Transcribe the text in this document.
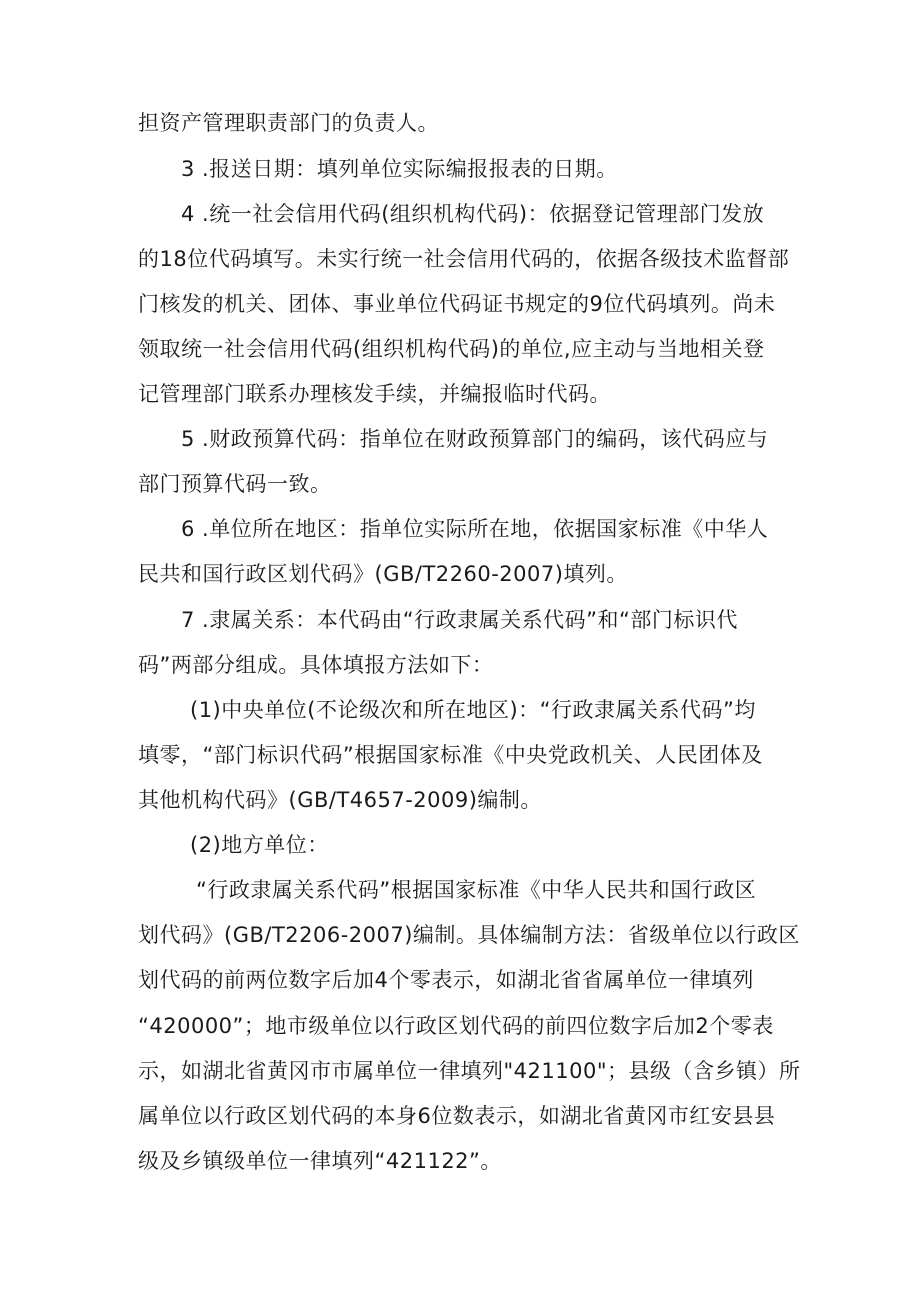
担资产管理职责部门的负责人。
3 .报送日期：填列单位实际编报报表的日期。
4 .统一社会信用代码(组织机构代码)：依据登记管理部门发放
的18位代码填写。未实行统一社会信用代码的，依据各级技术监督部
门核发的机关、团体、事业单位代码证书规定的9位代码填列。尚未
领取统一社会信用代码(组织机构代码)的单位,应主动与当地相关登
记管理部门联系办理核发手续，并编报临时代码。
5 .财政预算代码：指单位在财政预算部门的编码，该代码应与
部门预算代码一致。
6 .单位所在地区：指单位实际所在地，依据国家标准《中华人
民共和国行政区划代码》(GB/T2260-2007)填列。
7 .隶属关系：本代码由“行政隶属关系代码”和“部门标识代
码”两部分组成。具体填报方法如下：
(1)中央单位(不论级次和所在地区)：“行政隶属关系代码”均
填零，“部门标识代码”根据国家标准《中央党政机关、人民团体及
其他机构代码》(GB/T4657-2009)编制。
(2)地方单位：
“行政隶属关系代码”根据国家标准《中华人民共和国行政区
划代码》(GB/T2206-2007)编制。具体编制方法：省级单位以行政区
划代码的前两位数字后加4个零表示，如湖北省省属单位一律填列
“420000”；地市级单位以行政区划代码的前四位数字后加2个零表
示，如湖北省黄冈市市属单位一律填列"421100"；县级（含乡镇）所
属单位以行政区划代码的本身6位数表示，如湖北省黄冈市红安县县
级及乡镇级单位一律填列“421122”。
